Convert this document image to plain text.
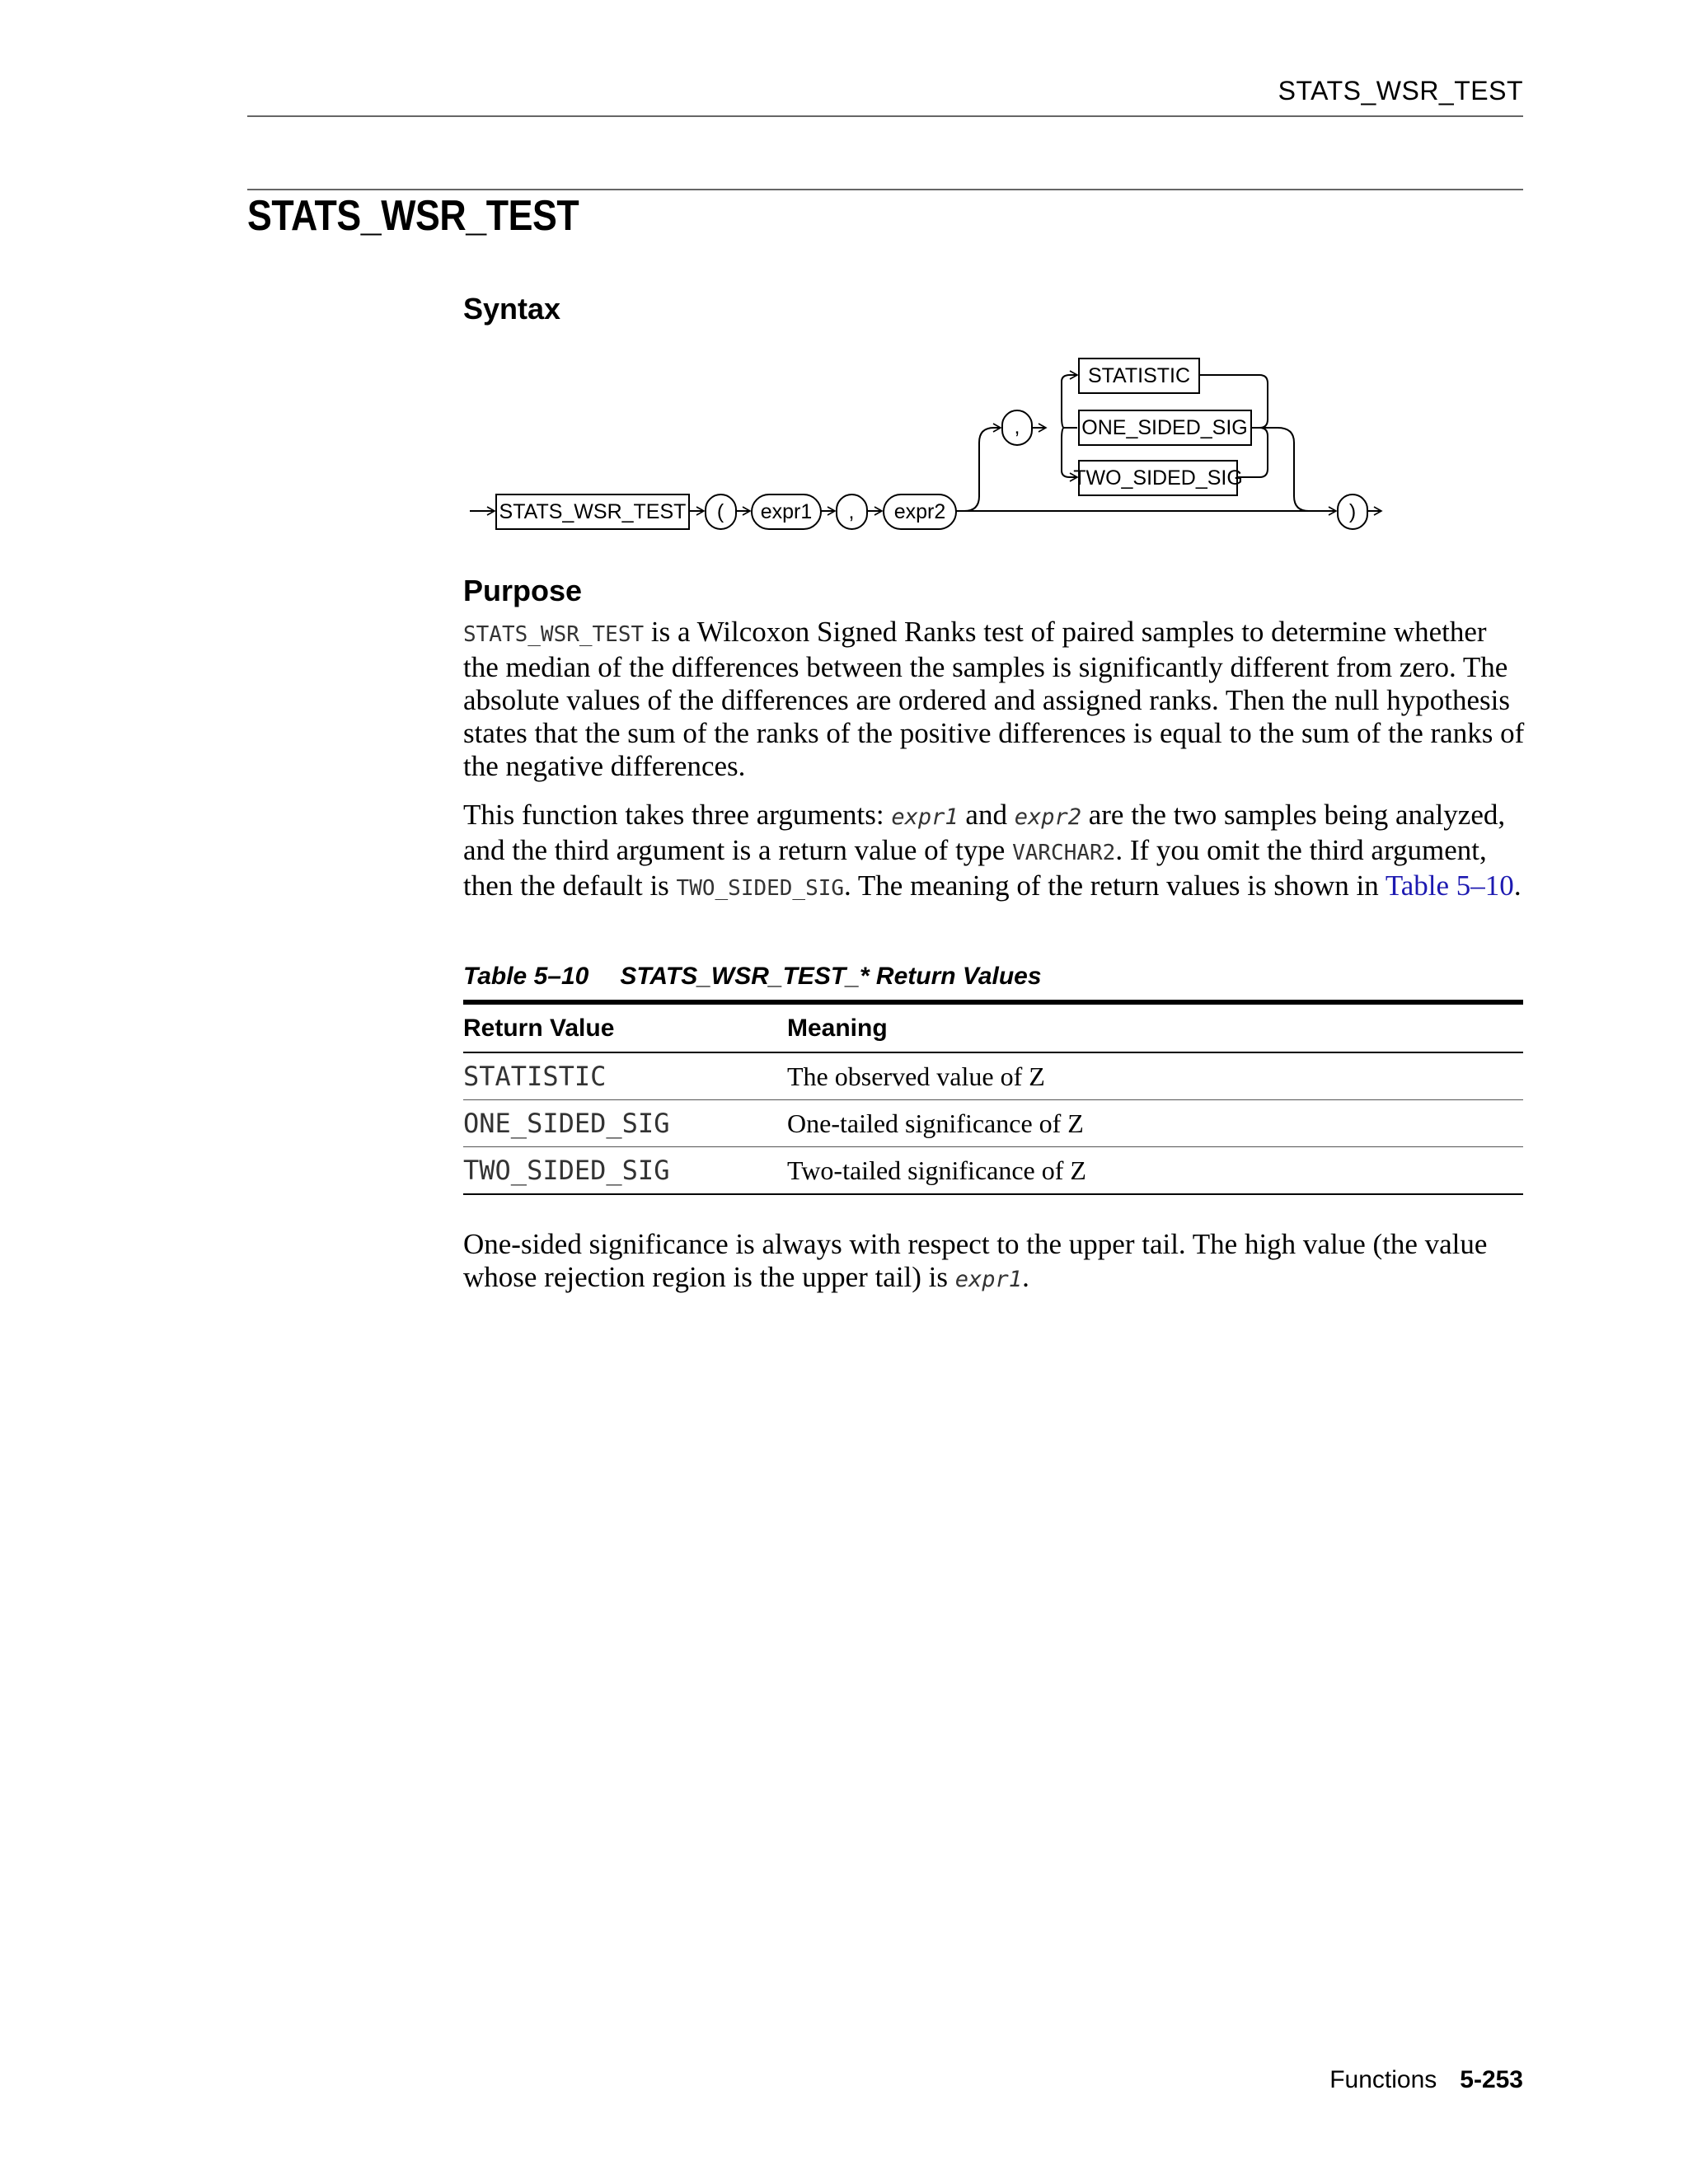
STATS_WSR_TEST
STATS_WSR_TEST
Syntax
STATS_WSR_TEST ( expr1 , expr2
,
STATISTIC
ONE_SIDED_SIG
TWO_SIDED_SIG
)
Purpose

STATS_WSR_TEST is a Wilcoxon Signed Ranks test of paired samples to determine whether the median of the differences between the samples is significantly different from zero. The absolute values of the differences are ordered and assigned ranks. Then the null hypothesis states that the sum of the ranks of the positive differences is equal to the sum of the ranks of the negative differences.

This function takes three arguments: expr1 and expr2 are the two samples being analyzed, and the third argument is a return value of type VARCHAR2. If you omit the third argument, then the default is TWO_SIDED_SIG. The meaning of the return values is shown in Table 5–10.

Table 5–10 STATS_WSR_TEST_* Return Values
Return Value	Meaning
STATISTIC	The observed value of Z
ONE_SIDED_SIG	One-tailed significance of Z
TWO_SIDED_SIG	Two-tailed significance of Z

One-sided significance is always with respect to the upper tail. The high value (the value whose rejection region is the upper tail) is expr1.

Functions 5-253
